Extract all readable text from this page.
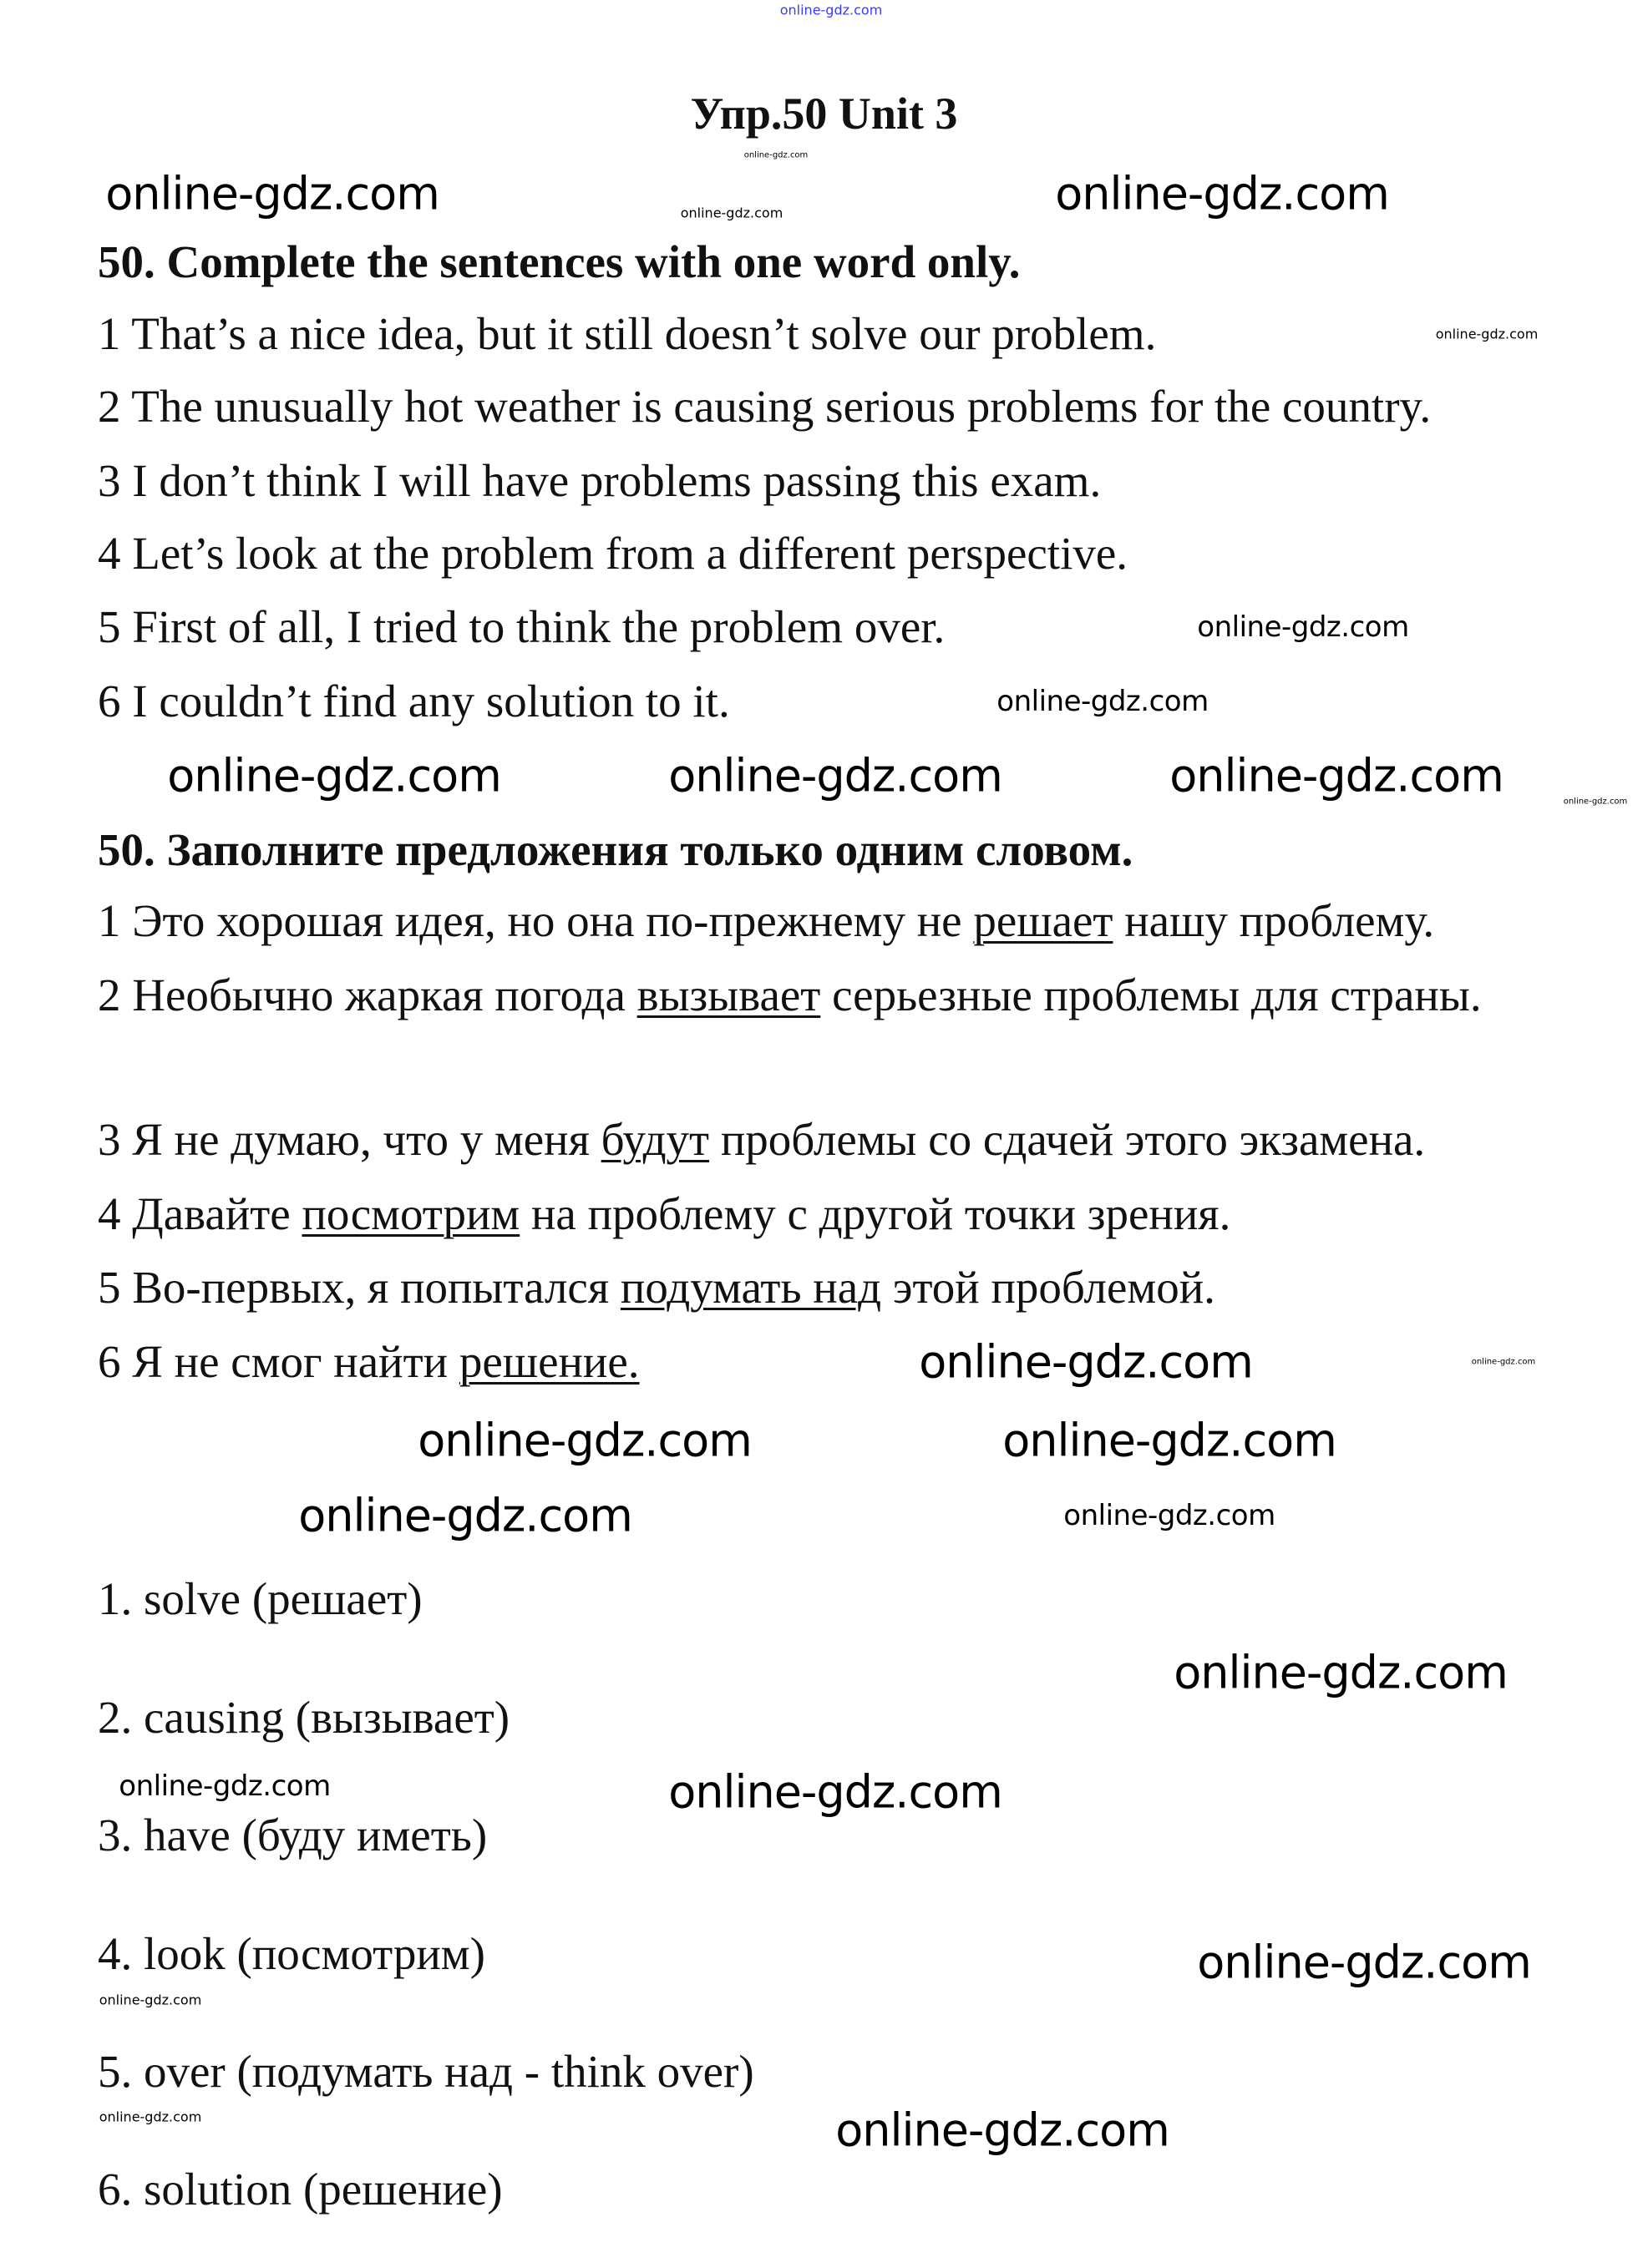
Упр.50 Unit 3
50. Complete the sentences with one word only.
1 That’s a nice idea, but it still doesn’t solve our problem.
2 The unusually hot weather is causing serious problems for the country.
3 I don’t think I will have problems passing this exam.
4 Let’s look at the problem from a different perspective.
5 First of all, I tried to think the problem over.
6 I couldn’t find any solution to it.
50. Заполните предложения только одним словом.
1 Это хорошая идея, но она по-прежнему не решает нашу проблему.
2 Необычно жаркая погода вызывает серьезные проблемы для страны.
3 Я не думаю, что у меня будут проблемы со сдачей этого экзамена.
4 Давайте посмотрим на проблему с другой точки зрения.
5 Во-первых, я попытался подумать над этой проблемой.
6 Я не смог найти решение.
1. solve (решает)
2. causing (вызывает)
3. have (буду иметь)
4. look (посмотрим)
5. over (подумать над - think over)
6. solution (решение)
online-gdz.com
online-gdz.com
online-gdz.com	online-gdz.com	online-gdz.com
online-gdz.com
online-gdz.com
online-gdz.com
online-gdz.com	online-gdz.com	online-gdz.com	online-gdz.com
online-gdz.com	online-gdz.com
online-gdz.com	online-gdz.com
online-gdz.com	online-gdz.com
online-gdz.com
online-gdz.com	online-gdz.com
online-gdz.com
online-gdz.com
online-gdz.com	online-gdz.com
